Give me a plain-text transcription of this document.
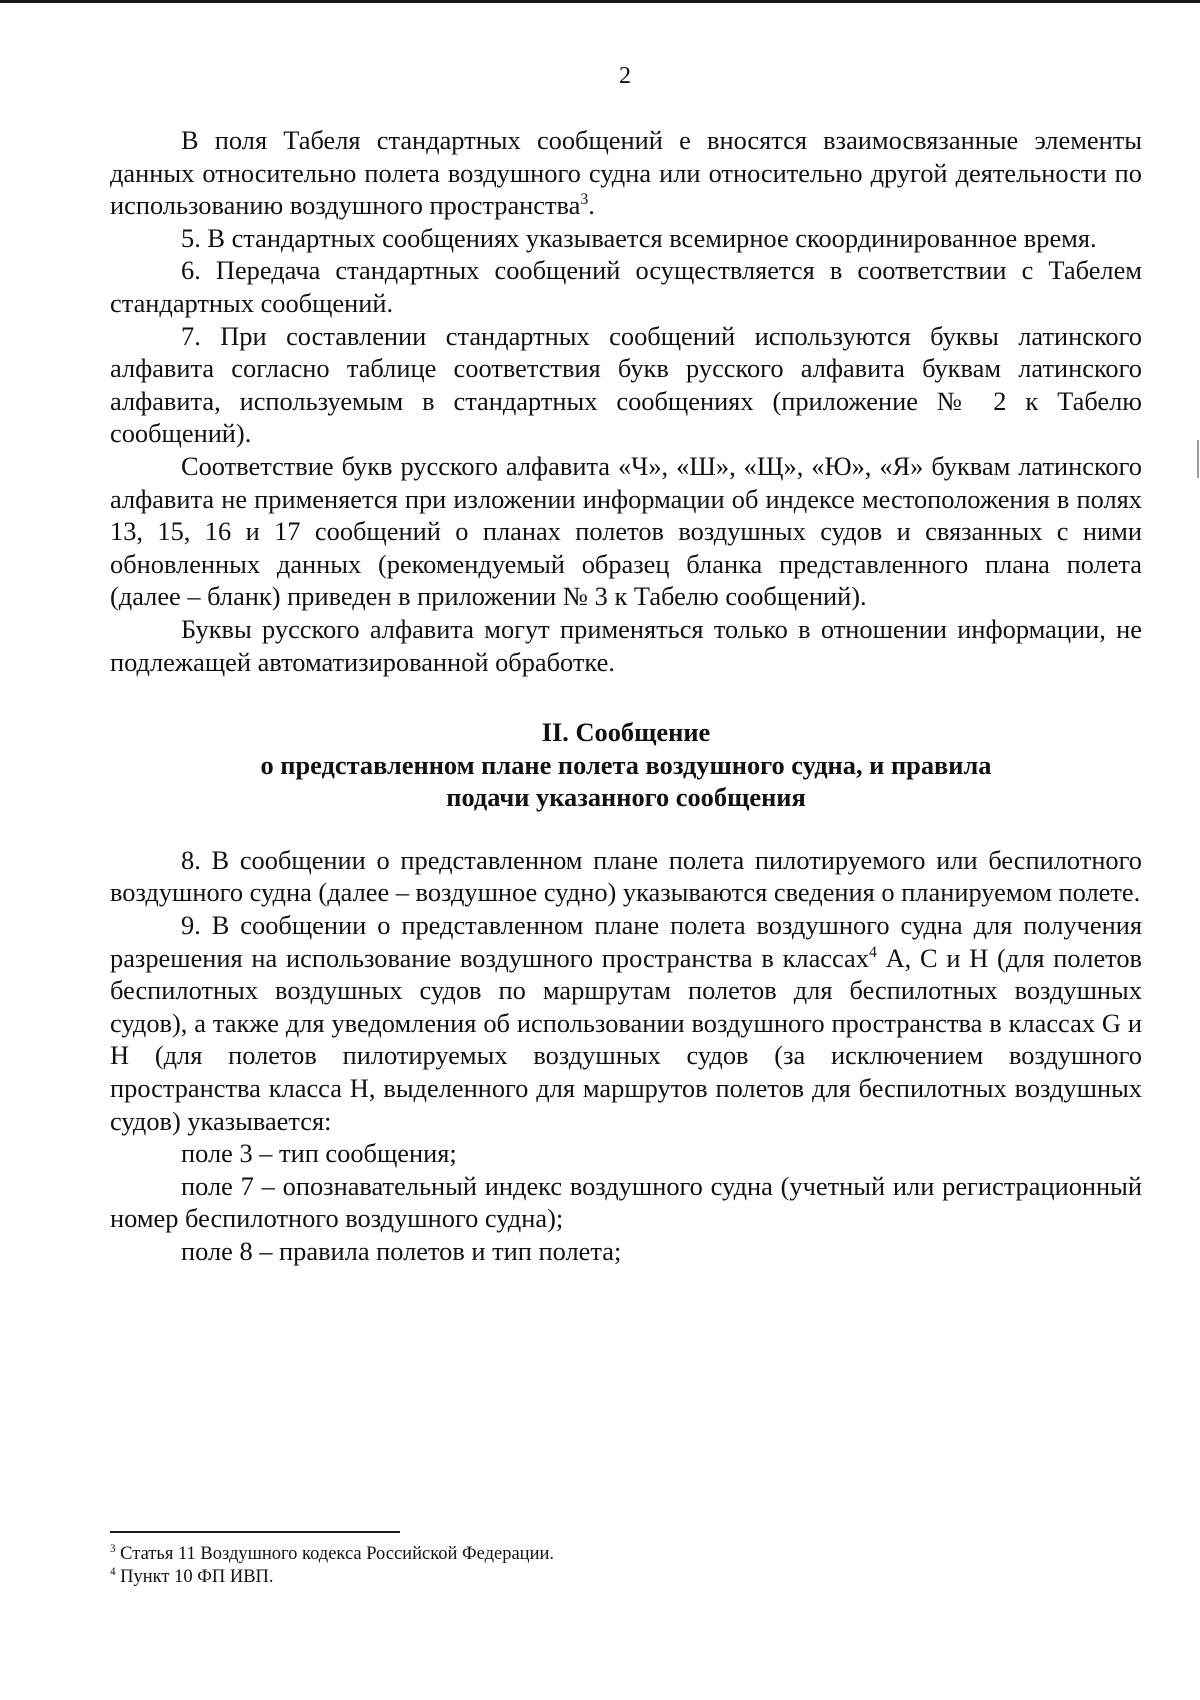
2

В поля Табеля стандартных сообщений е вносятся взаимосвязанные элементы данных относительно полета воздушного судна или относительно другой деятельности по использованию воздушного пространства$^3$.

5. В стандартных сообщениях указывается всемирное скоординированное время.

6. Передача стандартных сообщений осуществляется в соответствии с Табелем стандартных сообщений.

7. При составлении стандартных сообщений используются буквы латинского алфавита согласно таблице соответствия букв русского алфавита буквам латинского алфавита, используемым в стандартных сообщениях (приложение № 2 к Табелю сообщений).

Соответствие букв русского алфавита «Ч», «Ш», «Щ», «Ю», «Я» буквам латинского алфавита не применяется при изложении информации об индексе местоположения в полях 13, 15, 16 и 17 сообщений о планах полетов воздушных судов и связанных с ними обновленных данных (рекомендуемый образец бланка представленного плана полета (далее – бланк) приведен в приложении № 3 к Табелю сообщений).

Буквы русского алфавита могут применяться только в отношении информации, не подлежащей автоматизированной обработке.

II. Сообщение
о представленном плане полета воздушного судна, и правила
подачи указанного сообщения

8. В сообщении о представленном плане полета пилотируемого или беспилотного воздушного судна (далее – воздушное судно) указываются сведения о планируемом полете.

9. В сообщении о представленном плане полета воздушного судна для получения разрешения на использование воздушного пространства в классах$^4$ А, С и Н (для полетов беспилотных воздушных судов по маршрутам полетов для беспилотных воздушных судов), а также для уведомления об использовании воздушного пространства в классах G и Н (для полетов пилотируемых воздушных судов (за исключением воздушного пространства класса Н, выделенного для маршрутов полетов для беспилотных воздушных судов) указывается:

поле 3 – тип сообщения;

поле 7 – опознавательный индекс воздушного судна (учетный или регистрационный номер беспилотного воздушного судна);

поле 8 – правила полетов и тип полета;

$^3$ Статья 11 Воздушного кодекса Российской Федерации.

$^4$ Пункт 10 ФП ИВП.
